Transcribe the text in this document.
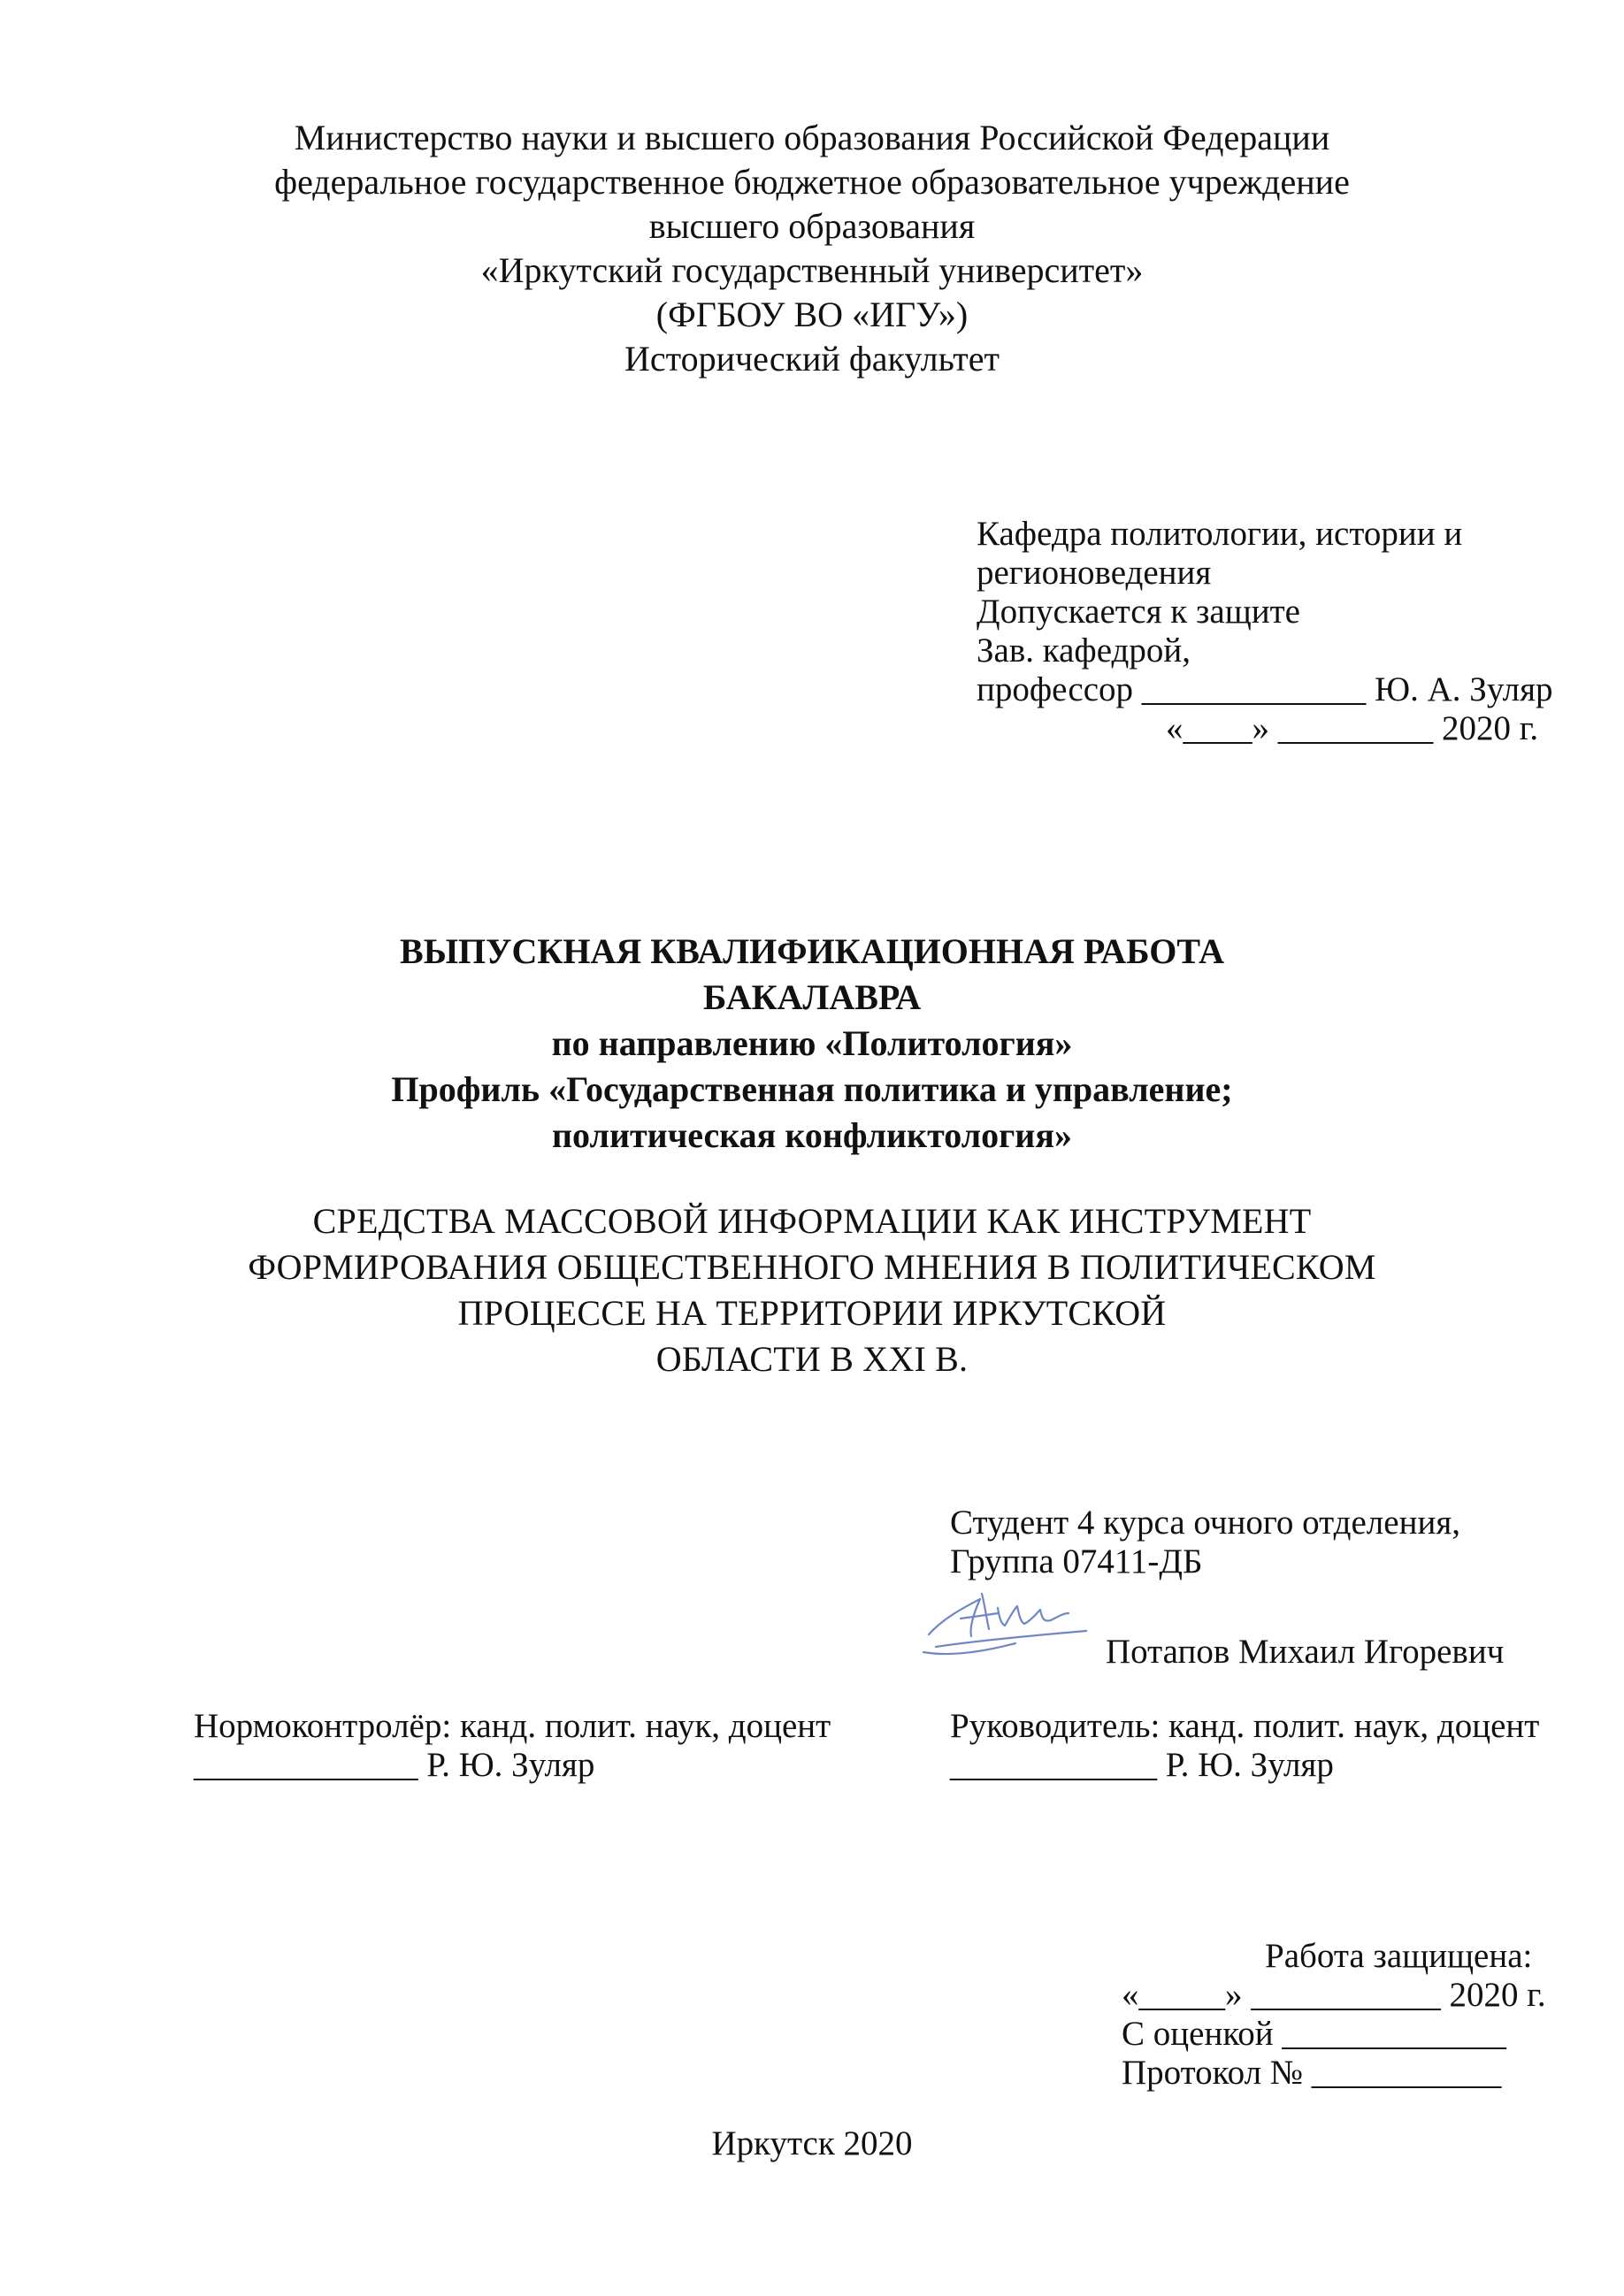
Министерство науки и высшего образования Российской Федерации
федеральное государственное бюджетное образовательное учреждение
высшего образования
«Иркутский государственный университет»
(ФГБОУ ВО «ИГУ»)
Исторический факультет
Кафедра политологии, истории и
регионоведения
Допускается к защите
Зав. кафедрой,
профессор _____________ Ю. А. Зуляр
«____» _________ 2020 г.
ВЫПУСКНАЯ КВАЛИФИКАЦИОННАЯ РАБОТА
БАКАЛАВРА
по направлению «Политология»
Профиль «Государственная политика и управление;
политическая конфликтология»
СРЕДСТВА МАССОВОЙ ИНФОРМАЦИИ КАК ИНСТРУМЕНТ
ФОРМИРОВАНИЯ ОБЩЕСТВЕННОГО МНЕНИЯ В ПОЛИТИЧЕСКОМ
ПРОЦЕССЕ НА ТЕРРИТОРИИ ИРКУТСКОЙ
ОБЛАСТИ В XXI В.
Студент 4 курса очного отделения,
Группа 07411-ДБ
Потапов Михаил Игоревич
Нормоконтролёр: канд. полит. наук, доцент
_____________ Р. Ю. Зуляр
Руководитель: канд. полит. наук, доцент
____________ Р. Ю. Зуляр
Работа защищена:
«_____» ___________ 2020 г.
С оценкой _____________
Протокол № ___________
Иркутск 2020
